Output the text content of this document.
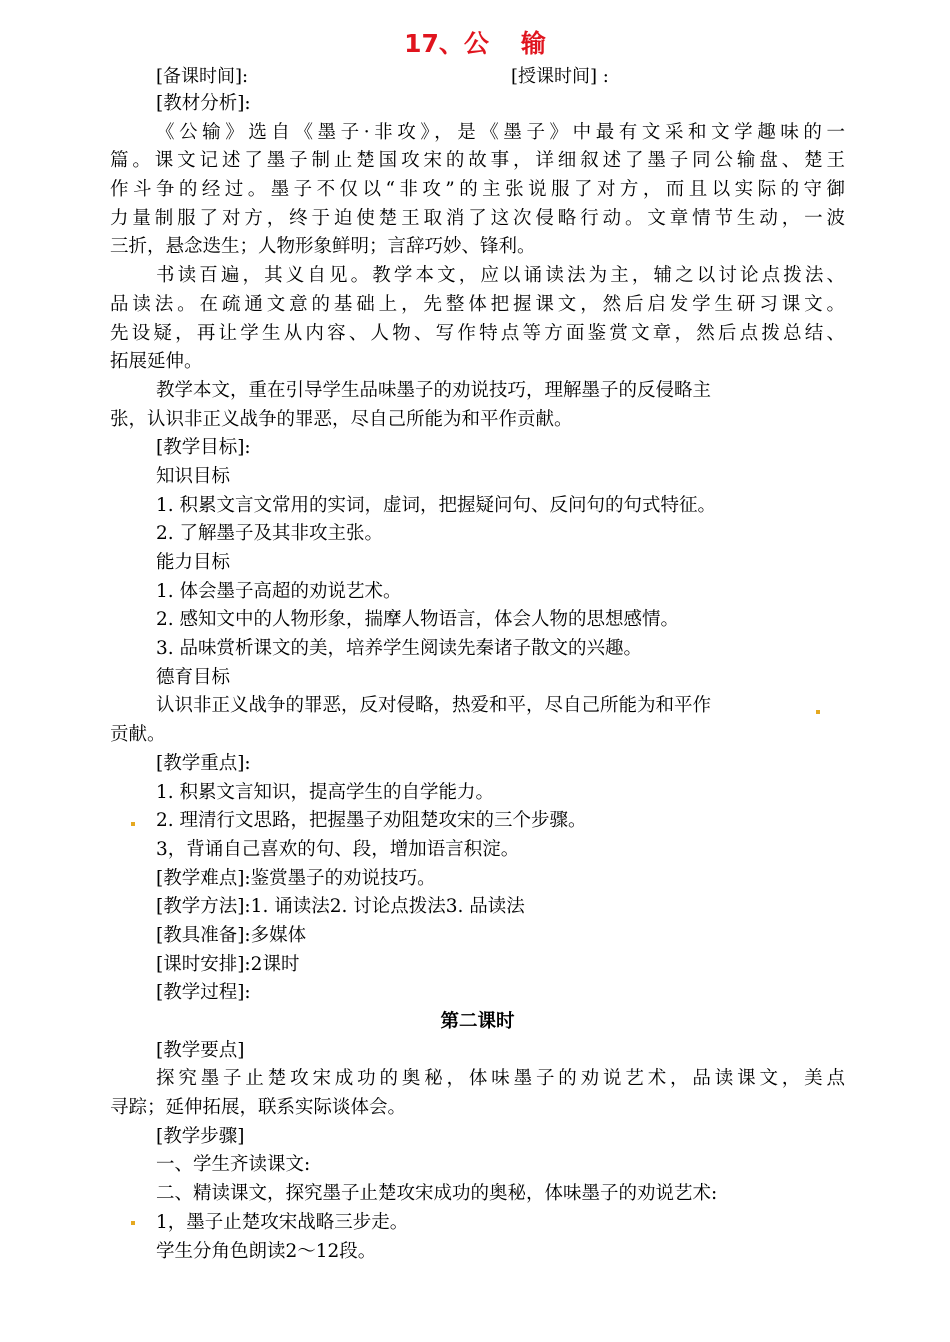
17、公 输
[备课时间]:	[授课时间] :
[教材分析]:
《公输》选自《墨子·非攻》，是《墨子》中最有文采和文学趣味的一
篇。课文记述了墨子制止楚国攻宋的故事，详细叙述了墨子同公输盘、楚王
作斗争的经过。墨子不仅以“非攻”的主张说服了对方，而且以实际的守御
力量制服了对方，终于迫使楚王取消了这次侵略行动。文章情节生动，一波
三折，悬念迭生；人物形象鲜明；言辞巧妙、锋利。
书读百遍，其义自见。教学本文，应以诵读法为主，辅之以讨论点拨法、
品读法。在疏通文意的基础上，先整体把握课文，然后启发学生研习课文。
先设疑，再让学生从内容、人物、写作特点等方面鉴赏文章，然后点拨总结、
拓展延伸。
教学本文，重在引导学生品味墨子的劝说技巧，理解墨子的反侵略主
张，认识非正义战争的罪恶，尽自己所能为和平作贡献。
[教学目标]:
知识目标
1. 积累文言文常用的实词，虚词，把握疑问句、反问句的句式特征。
2. 了解墨子及其非攻主张。
能力目标
1. 体会墨子高超的劝说艺术。
2. 感知文中的人物形象，揣摩人物语言，体会人物的思想感情。
3. 品味赏析课文的美，培养学生阅读先秦诸子散文的兴趣。
德育目标
认识非正义战争的罪恶，反对侵略，热爱和平，尽自己所能为和平作
贡献。
[教学重点]:
1. 积累文言知识，提高学生的自学能力。
2. 理清行文思路，把握墨子劝阻楚攻宋的三个步骤。
3，背诵自己喜欢的句、段，增加语言积淀。
[教学难点]:鉴赏墨子的劝说技巧。
[教学方法]:1. 诵读法2. 讨论点拨法3. 品读法
[教具准备]:多媒体
[课时安排]:2课时
[教学过程]:
第二课时
[教学要点]
探究墨子止楚攻宋成功的奥秘，体味墨子的劝说艺术，品读课文，美点
寻踪；延伸拓展，联系实际谈体会。
[教学步骤]
一、学生齐读课文:
二、精读课文，探究墨子止楚攻宋成功的奥秘，体味墨子的劝说艺术:
1，墨子止楚攻宋战略三步走。
学生分角色朗读2～12段。
